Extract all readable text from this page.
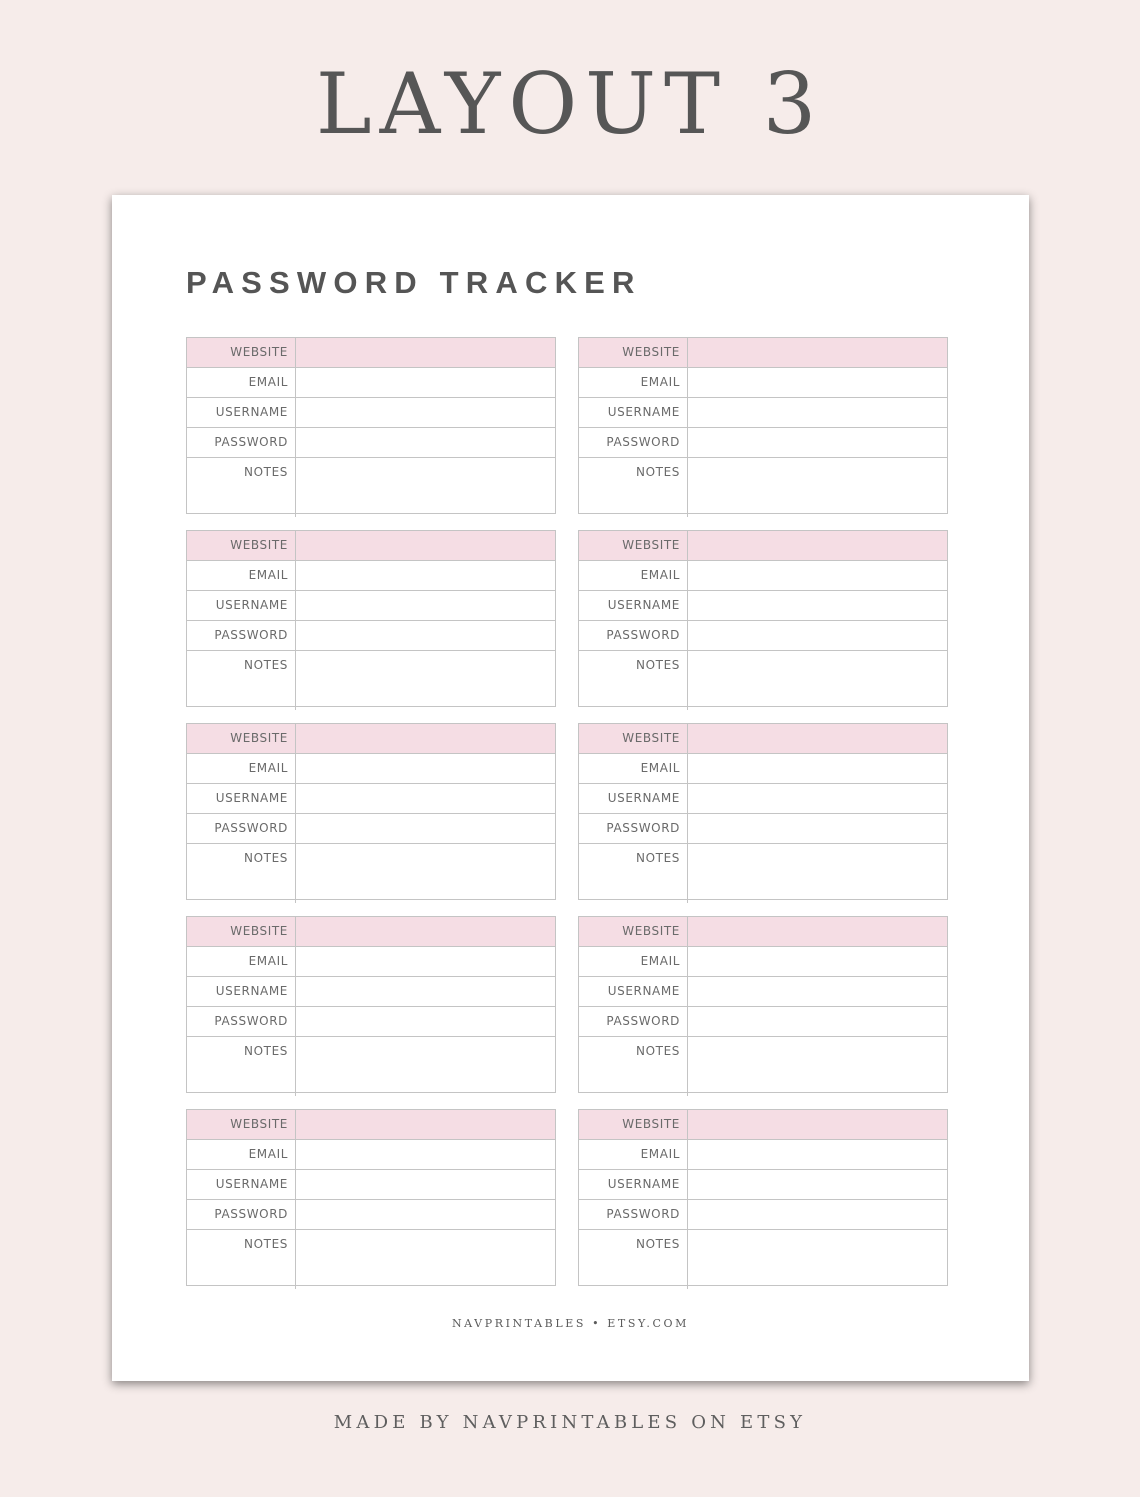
LAYOUT 3
PASSWORD TRACKER
WEBSITE
EMAIL
USERNAME
PASSWORD
NOTES
WEBSITE
EMAIL
USERNAME
PASSWORD
NOTES
WEBSITE
EMAIL
USERNAME
PASSWORD
NOTES
WEBSITE
EMAIL
USERNAME
PASSWORD
NOTES
WEBSITE
EMAIL
USERNAME
PASSWORD
NOTES
WEBSITE
EMAIL
USERNAME
PASSWORD
NOTES
WEBSITE
EMAIL
USERNAME
PASSWORD
NOTES
WEBSITE
EMAIL
USERNAME
PASSWORD
NOTES
WEBSITE
EMAIL
USERNAME
PASSWORD
NOTES
WEBSITE
EMAIL
USERNAME
PASSWORD
NOTES
NAVPRINTABLES • ETSY.COM
MADE BY NAVPRINTABLES ON ETSY
